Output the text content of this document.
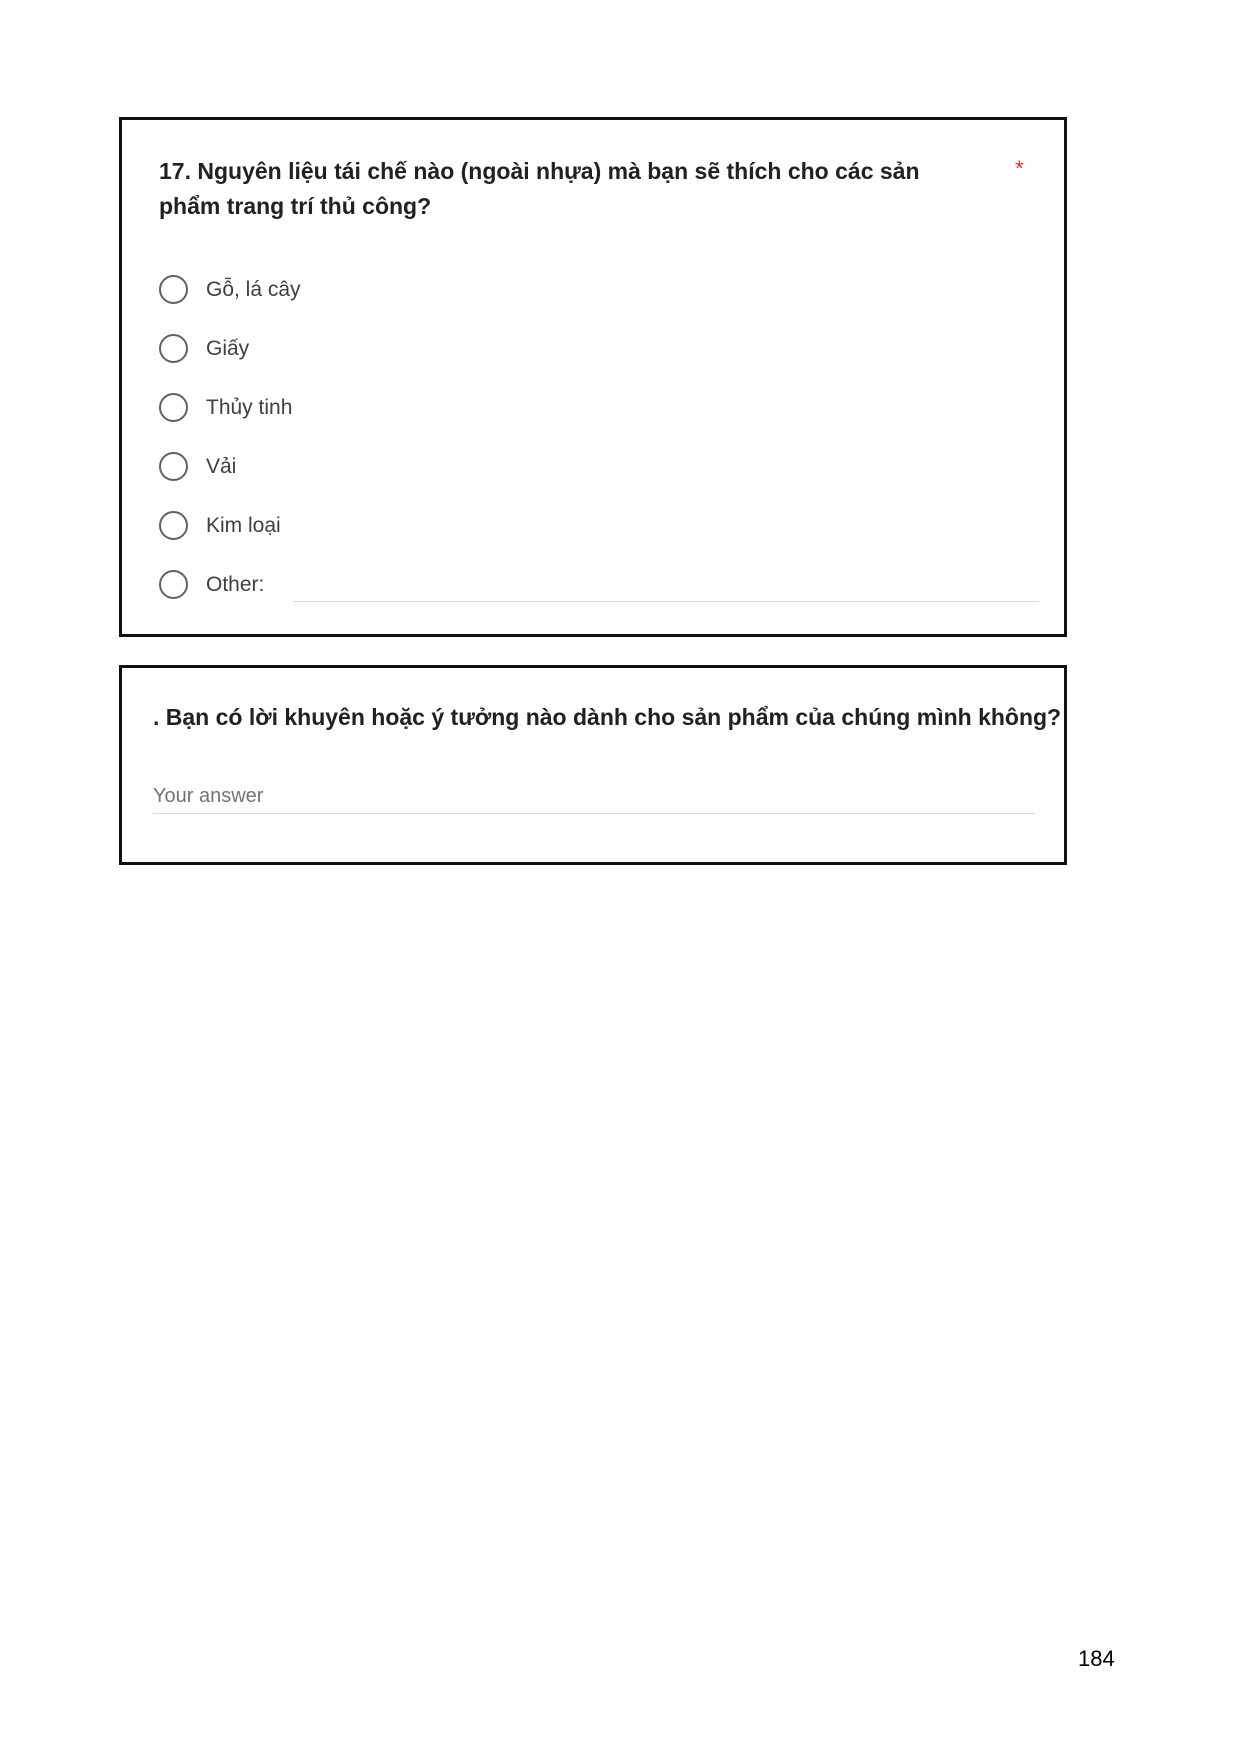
17. Nguyên liệu tái chế nào (ngoài nhựa) mà bạn sẽ thích cho các sản phẩm trang trí thủ công?
*
Gỗ, lá cây
Giấy
Thủy tinh
Vải
Kim loại
Other:
. Bạn có lời khuyên hoặc ý tưởng nào dành cho sản phẩm của chúng mình không?
Your answer
184
